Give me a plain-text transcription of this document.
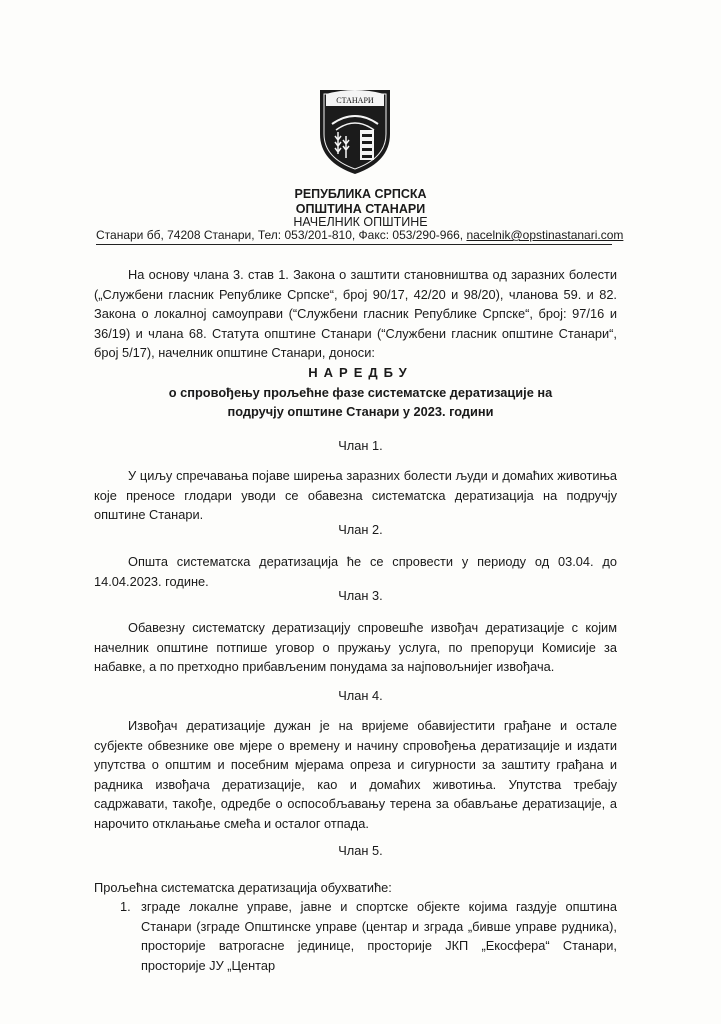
СТАНАРИ
РЕПУБЛИКА СРПСКА
ОПШТИНА СТАНАРИ
НАЧЕЛНИК ОПШТИНЕ
Станари бб, 74208 Станари, Тел: 053/201-810, Факс: 053/290-966, nacelnik@opstinastanari.com
На основу члана 3. став 1. Закона о заштити становништва од заразних болести („Службени гласник Републике Српске“, број 90/17, 42/20 и 98/20), чланова 59. и 82. Закона о локалној самоуправи (“Службени гласник Републике Српске“, број: 97/16 и 36/19) и члана 68. Статута општине Станари (“Службени гласник општине Станари“, број 5/17), начелник општине Станари, доноси:
НАРЕДБУ
о спровођењу прољећне фазе систематске дератизације на
подручју општине Станари у 2023. години
Члан 1.
У циљу спречавања појаве ширења заразних болести људи и домаћих животиња које преносе глодари уводи се обавезна систематска дератизација на подручју општине Станари.
Члан 2.
Општа систематска дератизација ће се спровести у периоду од 03.04. до 14.04.2023. године.
Члан 3.
Обавезну систематску дератизацију спровешће извођач дератизације с којим начелник општине потпише уговор о пружању услуга, по препоруци Комисије за набавке, а по претходно прибављеним понудама за најповољнијег извођача.
Члан 4.
Извођач дератизације дужан је на вријеме обавијестити грађане и остале субјекте обвезнике ове мјере о времену и начину спровођења дератизације и издати упутства о општим и посебним мјерама опреза и сигурности за заштиту грађана и радника извођача дератизације, као и домаћих животиња. Упутства требају садржавати, такође, одредбе о оспособљавању терена за обављање дератизације, а нарочито отклањање смећа и осталог отпада.
Члан 5.
Прољећна систематска дератизација обухватиће:
1. зграде локалне управе, јавне и спортске објекте којима газдује општина Станари (зграде Општинске управе (центар и зграда „бивше управе рудника), просторије ватрогасне јединице, просторије ЈКП „Екосфера“ Станари, просторије ЈУ „Центар
